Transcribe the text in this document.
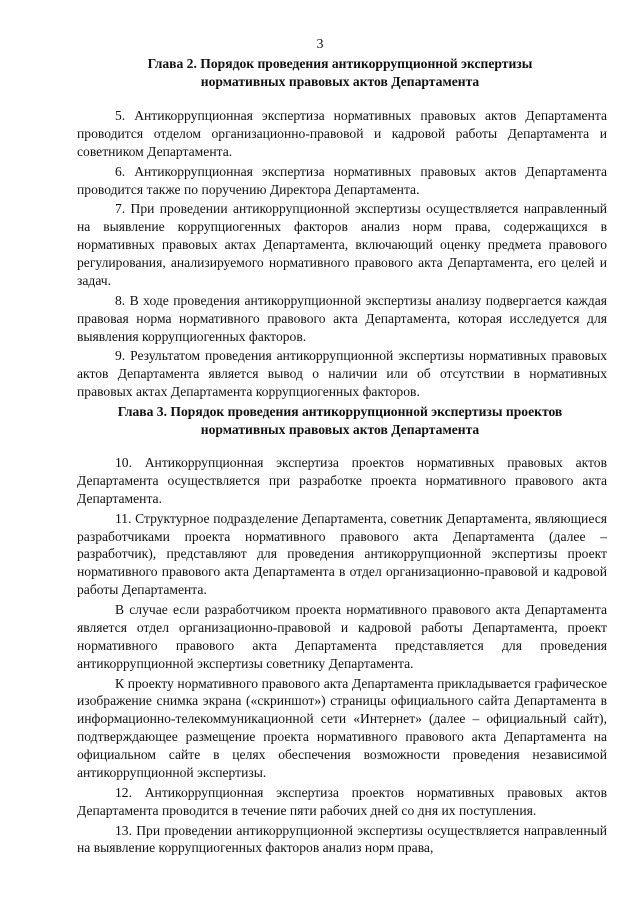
3
Глава 2. Порядок проведения антикоррупционной экспертизы
нормативных правовых актов Департамента

5. Антикоррупционная экспертиза нормативных правовых актов Департамента проводится отделом организационно-правовой и кадровой работы Департамента и советником Департамента.

6. Антикоррупционная экспертиза нормативных правовых актов Департамента проводится также по поручению Директора Департамента.

7. При проведении антикоррупционной экспертизы осуществляется направленный на выявление коррупциогенных факторов анализ норм права, содержащихся в нормативных правовых актах Департамента, включающий оценку предмета правового регулирования, анализируемого нормативного правового акта Департамента, его целей и задач.

8. В ходе проведения антикоррупционной экспертизы анализу подвергается каждая правовая норма нормативного правового акта Департамента, которая исследуется для выявления коррупциогенных факторов.

9. Результатом проведения антикоррупционной экспертизы нормативных правовых актов Департамента является вывод о наличии или об отсутствии в нормативных правовых актах Департамента коррупциогенных факторов.

Глава 3. Порядок проведения антикоррупционной экспертизы проектов
нормативных правовых актов Департамента

10. Антикоррупционная экспертиза проектов нормативных правовых актов Департамента осуществляется при разработке проекта нормативного правового акта Департамента.

11. Структурное подразделение Департамента, советник Департамента, являющиеся разработчиками проекта нормативного правового акта Департамента (далее – разработчик), представляют для проведения антикоррупционной экспертизы проект нормативного правового акта Департамента в отдел организационно-правовой и кадровой работы Департамента.

В случае если разработчиком проекта нормативного правового акта Департамента является отдел организационно-правовой и кадровой работы Департамента, проект нормативного правового акта Департамента представляется для проведения антикоррупционной экспертизы советнику Департамента.

К проекту нормативного правового акта Департамента прикладывается графическое изображение снимка экрана («скриншот») страницы официального сайта Департамента в информационно-телекоммуникационной сети «Интернет» (далее – официальный сайт), подтверждающее размещение проекта нормативного правового акта Департамента на официальном сайте в целях обеспечения возможности проведения независимой антикоррупционной экспертизы.

12. Антикоррупционная экспертиза проектов нормативных правовых актов Департамента проводится в течение пяти рабочих дней со дня их поступления.

13. При проведении антикоррупционной экспертизы осуществляется направленный на выявление коррупциогенных факторов анализ норм права,
